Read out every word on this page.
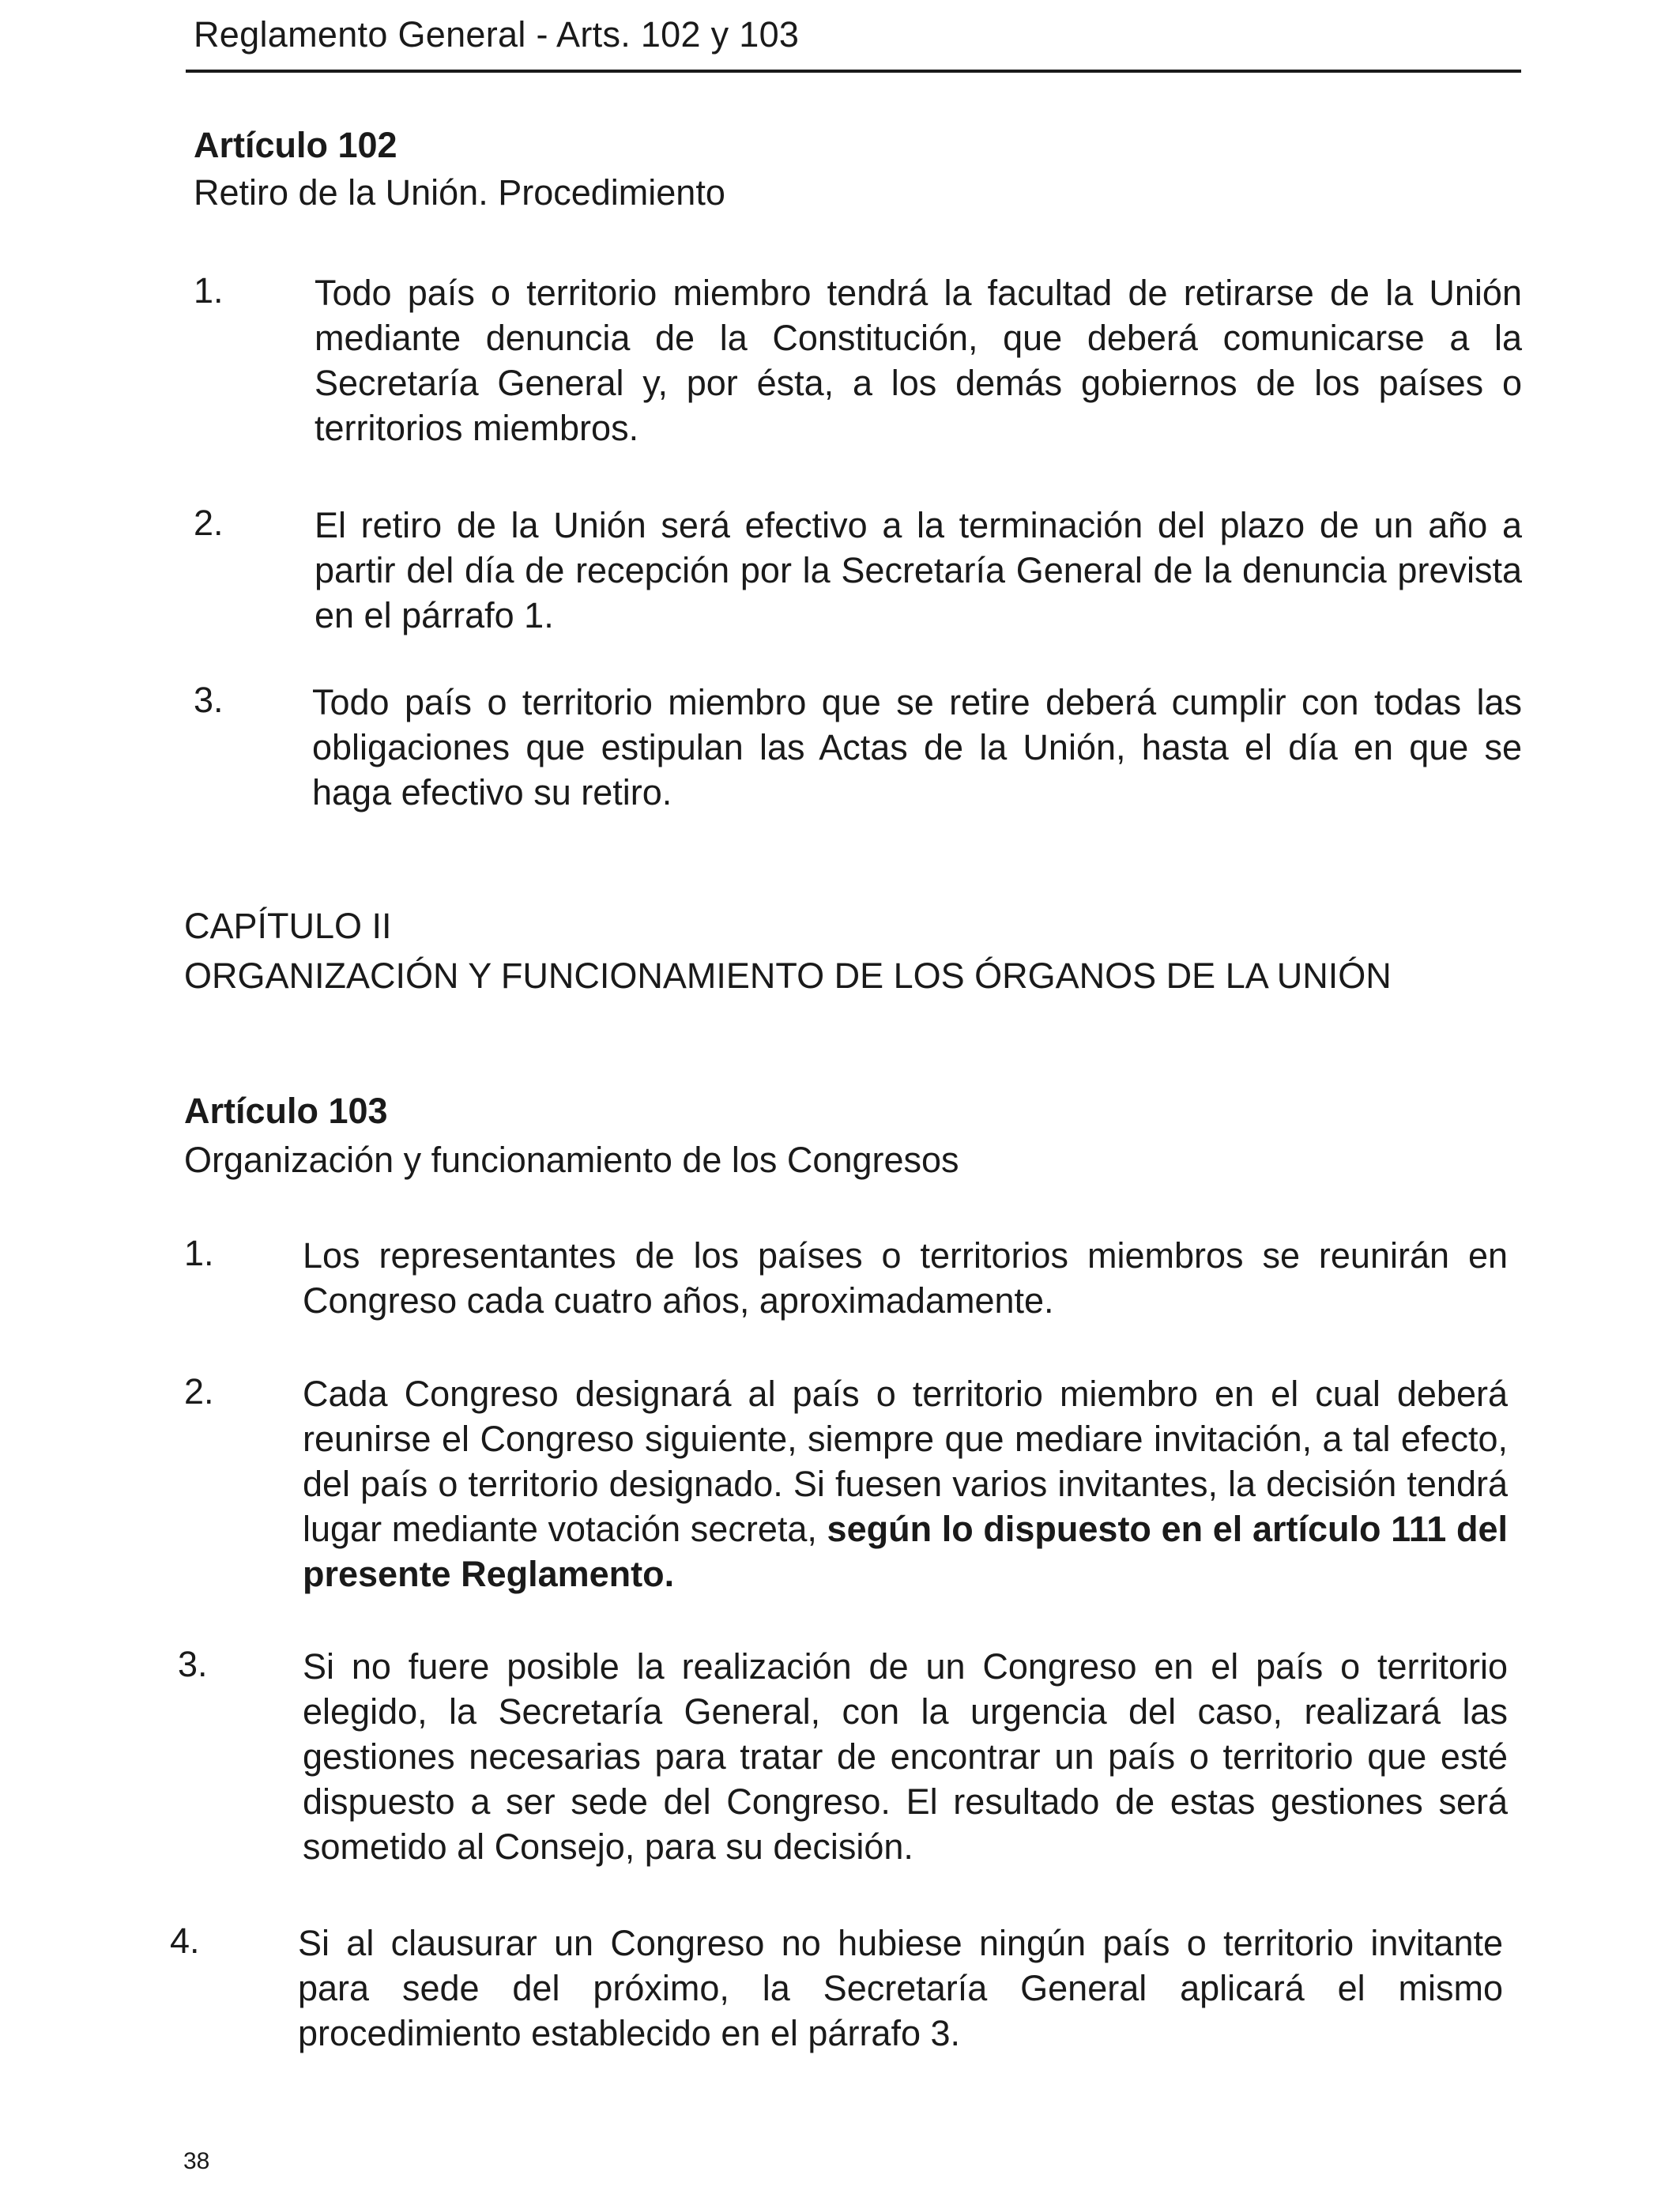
Reglamento General - Arts. 102 y 103
Artículo 102
Retiro de la Unión. Procedimiento
1.	Todo país o territorio miembro tendrá la facultad de retirarse de la Unión mediante denuncia de la Constitución, que deberá comunicarse a la Secretaría General y, por ésta, a los demás gobiernos de los países o territorios miembros.
2.	El retiro de la Unión será efectivo a la terminación del plazo de un año a partir del día de recepción por la Secretaría General de la denuncia prevista en el párrafo 1.
3. Todo país o territorio miembro que se retire deberá cumplir con todas las obligaciones que estipulan las Actas de la Unión, hasta el día en que se haga efectivo su retiro.
CAPÍTULO II
ORGANIZACIÓN Y FUNCIONAMIENTO DE LOS ÓRGANOS DE LA UNIÓN
Artículo 103
Organización y funcionamiento de los Congresos
1. Los representantes de los países o territorios miembros se reunirán en Congreso cada cuatro años, aproximadamente.
2. Cada Congreso designará al país o territorio miembro en el cual deberá reunirse el Congreso siguiente, siempre que mediare invitación, a tal efecto, del país o territorio designado. Si fuesen varios invitantes, la decisión tendrá lugar mediante votación secreta, según lo dispuesto en el artículo 111 del presente Reglamento.
3.	Si no fuere posible la realización de un Congreso en el país o territorio elegido, la Secretaría General, con la urgencia del caso, realizará las gestiones necesarias para tratar de encontrar un país o territorio que esté dispuesto a ser sede del Congreso. El resultado de estas gestiones será sometido al Consejo, para su decisión.
4.	Si al clausurar un Congreso no hubiese ningún país o territorio invitante para sede del próximo, la Secretaría General aplicará el mismo procedimiento establecido en el párrafo 3.
38
